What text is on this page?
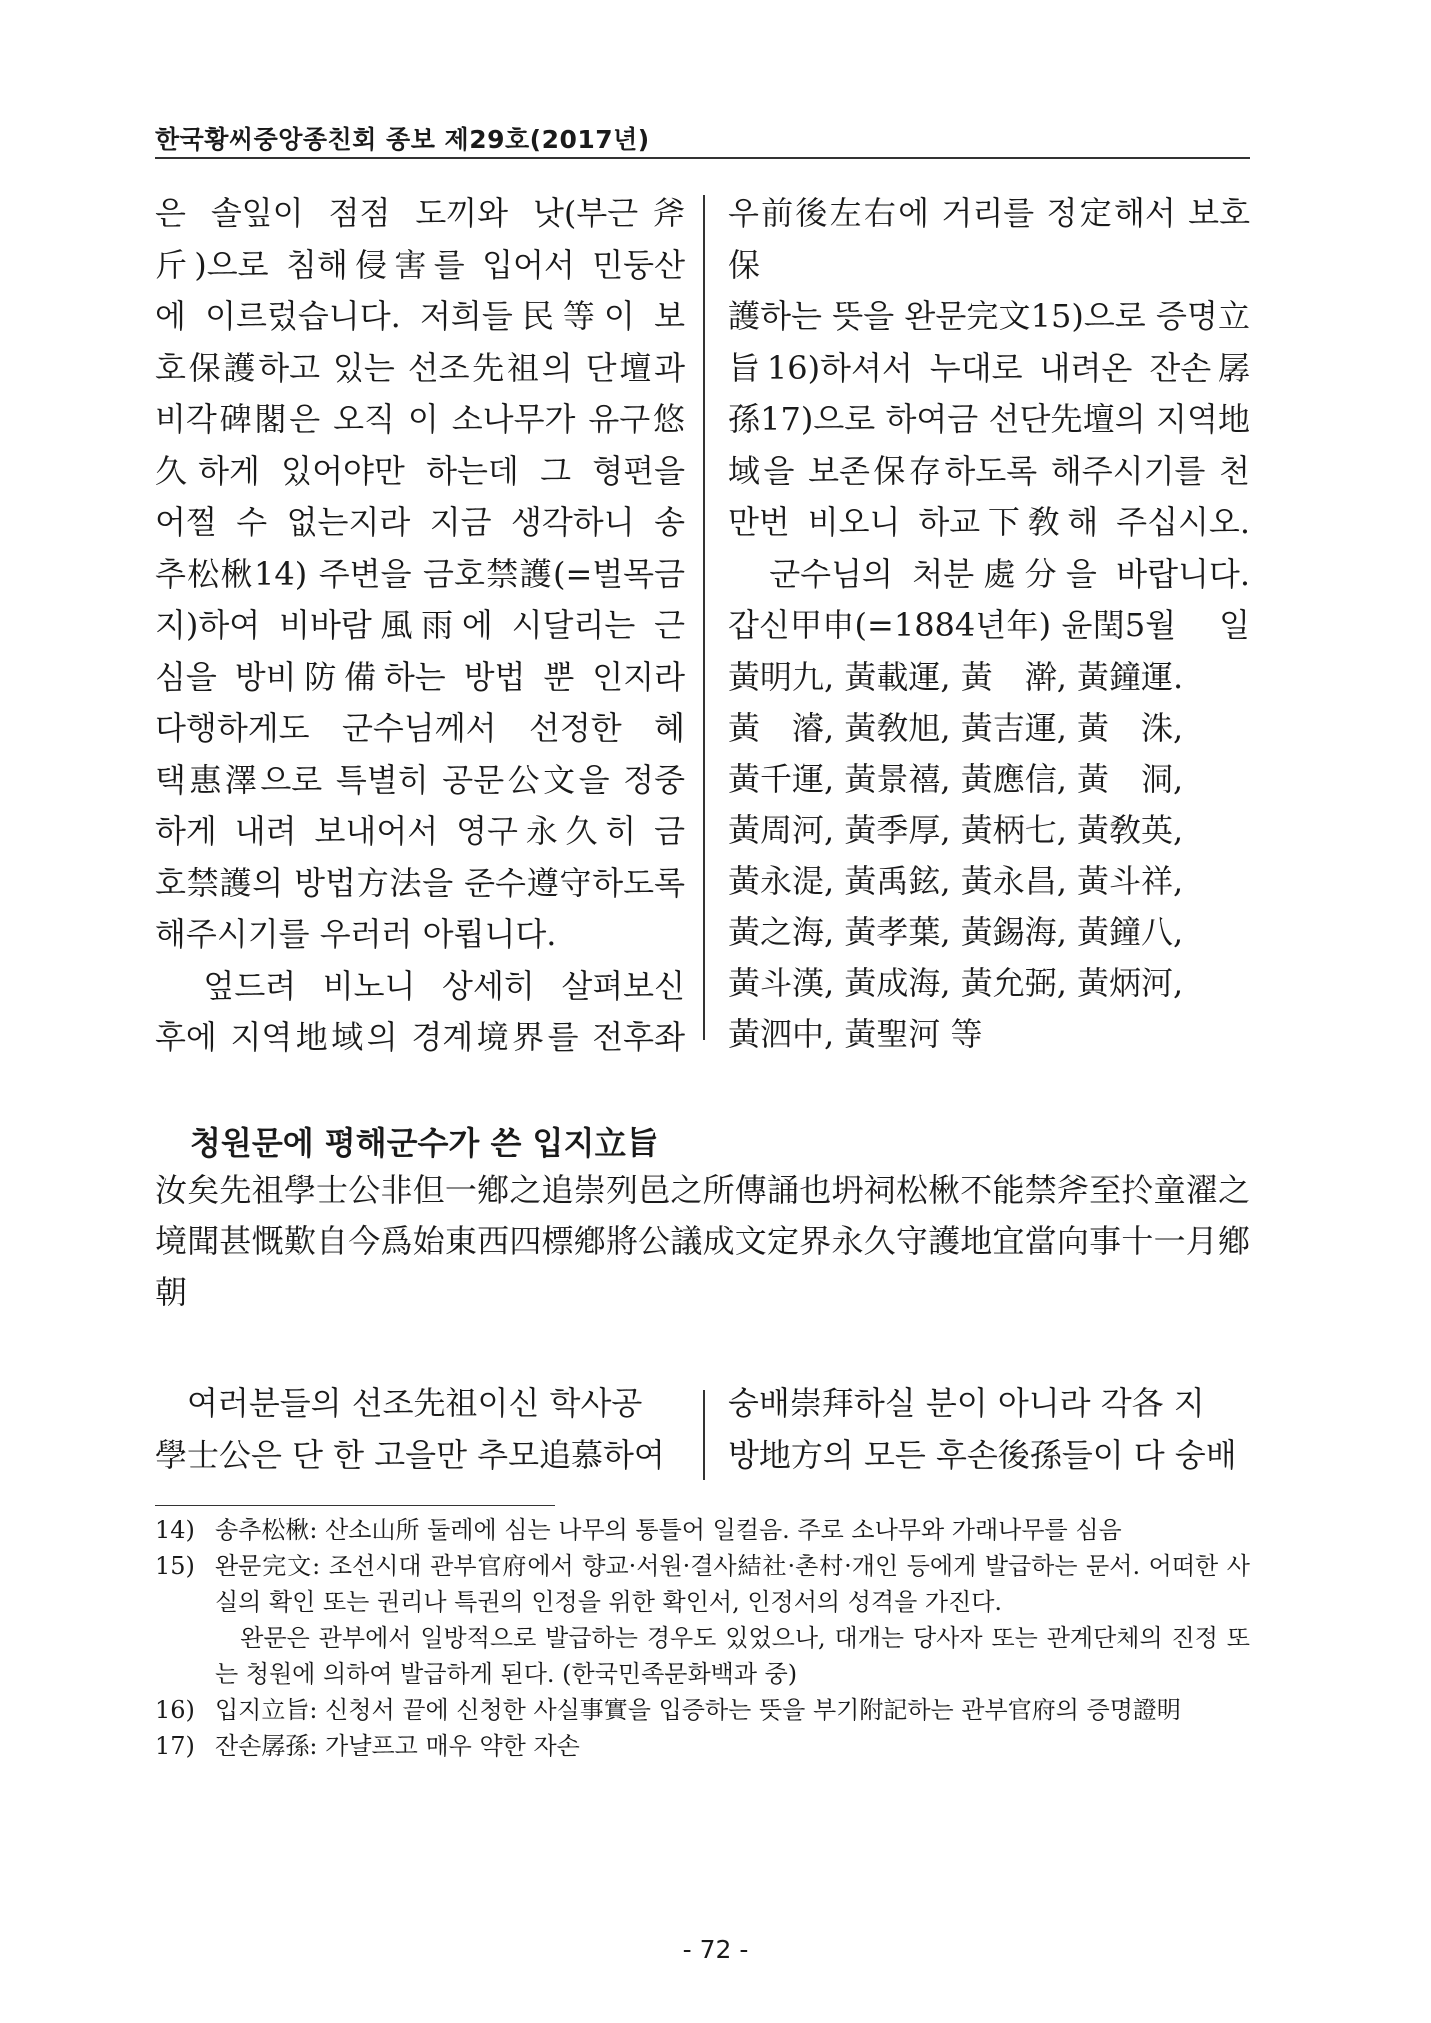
한국황씨중앙종친회 종보 제29호(2017년)

은 솔잎이 점점 도끼와 낫(부근斧

斤)으로 침해侵害를 입어서 민둥산

에 이르렀습니다. 저희들民等이 보

호保護하고 있는 선조先祖의 단壇과

비각碑閣은 오직 이 소나무가 유구悠

久하게 있어야만 하는데 그 형편을

어쩔 수 없는지라 지금 생각하니 송

추松楸14) 주변을 금호禁護(=벌목금

지)하여 비바람風雨에 시달리는 근

심을 방비防備하는 방법 뿐 인지라

다행하게도 군수님께서 선정한 혜

택惠澤으로 특별히 공문公文을 정중

하게 내려 보내어서 영구永久히 금

호禁護의 방법方法을 준수遵守하도록

해주시기를 우러러 아룁니다.

　엎드려 비노니 상세히 살펴보신

후에 지역地域의 경계境界를 전후좌

우前後左右에 거리를 정定해서 보호保

護하는 뜻을 완문完文15)으로 증명立

旨16)하셔서 누대로 내려온 잔손孱

孫17)으로 하여금 선단先壇의 지역地

域을 보존保存하도록 해주시기를 천

만번 비오니 하교下敎해 주십시오.

　군수님의 처분處分을 바랍니다.

갑신甲申(=1884년年) 윤閏5월　 일

黃明九, 黃載運, 黃　澣, 黃鐘運.
黃　濬, 黃敎旭, 黃吉運, 黃　洙,
黃千運, 黃景禧, 黃應信, 黃　洞,
黃周河, 黃季厚, 黃柄七, 黃敎英,
黃永湜, 黃禹鉉, 黃永昌, 黃斗祥,
黃之海, 黃孝葉, 黃錫海, 黃鐘八,
黃斗漢, 黃成海, 黃允弼, 黃炳河,
黃泗中, 黃聖河 等
청원문에 평해군수가 쓴 입지立旨
汝矣先祖學士公非但一鄕之追崇列邑之所傳誦也坍祠松楸不能禁斧至扵童濯之境聞甚慨歎自今爲始東西四標鄕將公議成文定界永久守護地宜當向事十一月鄕朝

　여러분들의 선조先祖이신 학사공

學士公은 단 한 고을만 추모追慕하여

숭배崇拜하실 분이 아니라 각各 지

방地方의 모든 후손後孫들이 다 숭배

14) 송추松楸: 산소山所 둘레에 심는 나무의 통틀어 일컬음. 주로 소나무와 가래나무를 심음

15) 완문完文: 조선시대 관부官府에서 향교·서원·결사結社·촌村·개인 등에게 발급하는 문서. 어떠한 사실의 확인 또는 권리나 특권의 인정을 위한 확인서, 인정서의 성격을 가진다.

　완문은 관부에서 일방적으로 발급하는 경우도 있었으나, 대개는 당사자 또는 관계단체의 진정 또는 청원에 의하여 발급하게 된다. (한국민족문화백과 중)

16) 입지立旨: 신청서 끝에 신청한 사실事實을 입증하는 뜻을 부기附記하는 관부官府의 증명證明

17) 잔손孱孫: 가냘프고 매우 약한 자손

- 72 -
